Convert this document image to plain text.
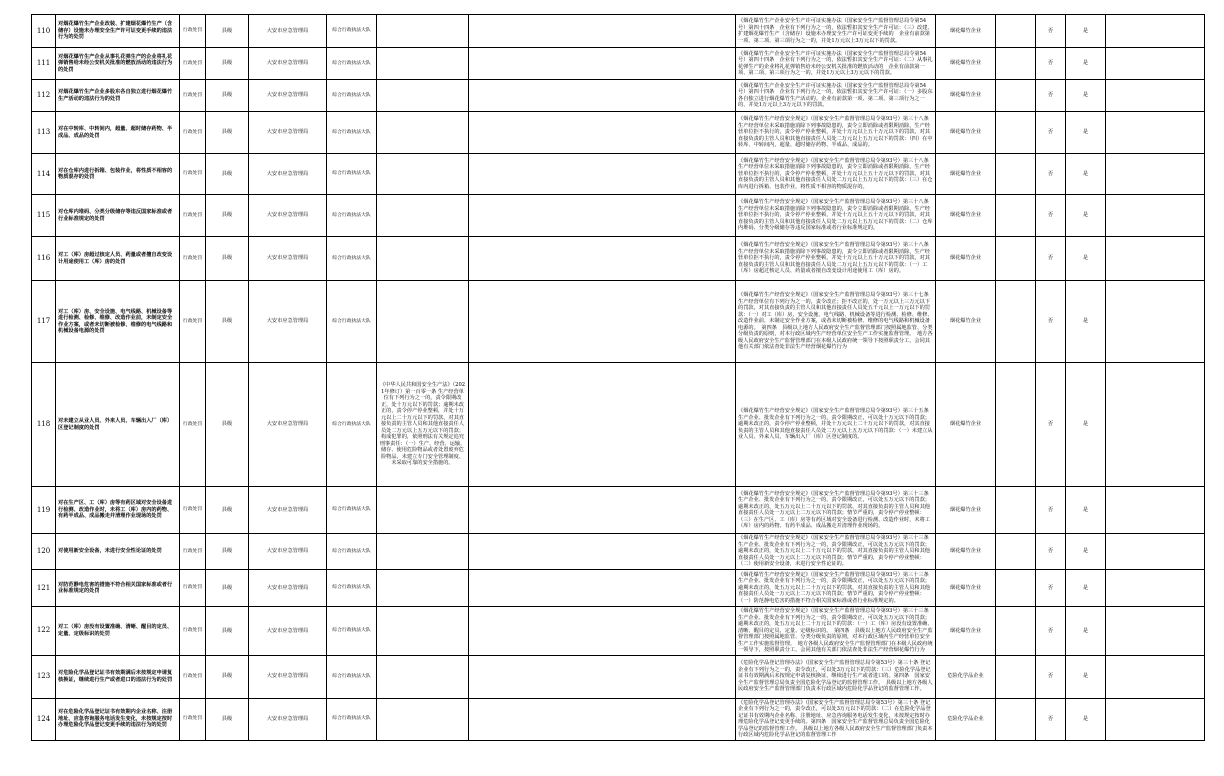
110	对烟花爆竹生产企业改装、扩建烟花爆竹生产（含储存）设施未办理安全生产许可证变更手续的违法行为的处罚	行政处罚	县级	大安市应急管理局	综合行政执法大队			《烟花爆竹生产企业安全生产许可证实施办法（国家安全生产监督管理总局令第54号）第四十四条　企业有下列行为之一的，依法暂扣其安全生产许可证：（三）改建、扩建烟花爆竹生产（含储存）设施未办理安全生产许可证变更手续的　企业有前款第一项、第二项、第三项行为之一的，并处1万元以上3万元以下的罚款。	烟花爆竹企业		否	是	
111	对烟花爆竹生产企业从事礼花弹生产的企业将礼花弹销售给未经公安机关批准的燃放活动的违法行为的处罚	行政处罚	县级	大安市应急管理局	综合行政执法大队			《烟花爆竹生产企业安全生产许可证实施办法（国家安全生产监督管理总局令第54号）第四十四条　企业有下列行为之一的，依法暂扣其安全生产许可证：（二）从事礼花弹生产的企业将礼花弹销售给未经公安机关批准的燃放活动的　企业有前款第一项、第二项、第三项行为之一的，并处1万元以上3万元以下的罚款。	烟花爆竹企业		否	是	
112	对烟花爆竹生产企业多股东各自独立进行烟花爆竹生产活动的违法行为的处罚	行政处罚	县级	大安市应急管理局	综合行政执法大队			《烟花爆竹生产企业安全生产许可证实施办法（国家安全生产监督管理总局令第54号）第四十四条　企业有下列行为之一的，依法暂扣其安全生产许可证：（一）多股东各自独立进行烟花爆竹生产活动的。企业有前款第一项、第二项、第三项行为之一的，并处1万元以上3万元以下的罚款。	烟花爆竹企业		否	是	
113	对在中转库、中转间内，超量、超时储存药物、半成品、成品的处罚	行政处罚	县级	大安市应急管理局	综合行政执法大队			《烟花爆竹生产经营安全规定》（国家安全生产监督管理总局令第93号）第三十八条 生产经营单位未采取措施消除下列事故隐患的，责令立即消除或者限期消除，生产经营单位拒不执行的，责令停产停业整顿，并处十万元以上五十万元以下的罚款，对其直接负责的主管人员和其他直接责任人员处二万元以上五万元以下的罚款：（四）在中转库、中转间内，超量、超时储存药物、半成品、成品的。	烟花爆竹企业		否	是	
114	对在仓库内进行拆箱、包装作业，将性质不相容的物质混存的处罚	行政处罚	县级	大安市应急管理局	综合行政执法大队			《烟花爆竹生产经营安全规定》（国家安全生产监督管理总局令第93号）第三十八条 生产经营单位未采取措施消除下列事故隐患的，责令立即消除或者限期消除，生产经营单位拒不执行的，责令停产停业整顿，并处十万元以上五十万元以下的罚款，对其直接负责的主管人员和其他直接责任人员处二万元以上五万元以下的罚款：（三）在仓库内进行拆箱、包装作业，将性质不相容的物质混存的。	烟花爆竹企业		否	是	
115	对仓库内堆码、分类分级储存等违反国家标准或者行业标准规定的处罚	行政处罚	县级	大安市应急管理局	综合行政执法大队			《烟花爆竹生产经营安全规定》（国家安全生产监督管理总局令第93号）第三十八条 生产经营单位未采取措施消除下列事故隐患的，责令立即消除或者限期消除，生产经营单位拒不执行的，责令停产停业整顿，并处十万元以上五十万元以下的罚款，对其直接负责的主管人员和其他直接责任人员处二万元以上五万元以下的罚款：（二）仓库内堆码、分类分级储存等违反国家标准或者行业标准规定的。	烟花爆竹企业		否	是	
116	对工（库）房超过核定人员、药量或者擅自改变设计用途使用工（库）房的处罚	行政处罚	县级	大安市应急管理局	综合行政执法大队			《烟花爆竹生产经营安全规定》（国家安全生产监督管理总局令第93号）第三十八条 生产经营单位未采取措施消除下列事故隐患的，责令立即消除或者限期消除，生产经营单位拒不执行的，责令停产停业整顿，并处十万元以上五十万元以下的罚款，对其直接负责的主管人员和其他直接责任人员处二万元以上五万元以下的罚款：（一）工（库）房超过核定人员、药量或者擅自改变设计用途使用工（库）房的。	烟花爆竹企业		否	是	
117	对工（库）房、安全设施、电气线路、机械设备等进行检测、检修、维修、改造作业前，未制定安全作业方案，或者未切断被检修、维修的电气线路和机械设备电源的处罚	行政处罚	县级	大安市应急管理局	综合行政执法大队			《烟花爆竹生产经营安全规定》（国家安全生产监督管理总局令第93号）第三十七条 生产经营单位有下列行为之一的，责令改正；拒不改正的，处一万元以上三万元以下的罚款，对其直接负责的主管人员和其他直接责任人员处五千元以上一万元以下的罚款：（一）对工（库）房、安全设施、电气线路、机械设备等进行检测、检修、维修、改造作业前，未制定安全作业方案，或者未切断被检修、维修的电气线路和机械设备电源的。　第四条　县级以上地方人民政府安全生产监督管理部门按照属地监管、分类分级负责的原则，对本行政区域内生产经营单位安全生产工作实施监督管理。　地方各级人民政府安全生产监督管理部门在本级人民政府统一领导下按照职责分工，会同其他有关部门依法查处非法生产经营烟花爆竹行为	烟花爆竹企业		否	是	
118	对未建立从业人员、外来人员、车辆出入厂（库）区登记制度的处罚	行政处罚	县级	大安市应急管理局	综合行政执法大队	《中华人民共和国安全生产法》（2021年修订）第一百零一条 生产经营单位有下列行为之一的，责令限期改正，处十万元以下的罚款；逾期未改正的，责令停产停业整顿，并处十万元以上二十万元以下的罚款，对其直接负责的主管人员和其他直接责任人员处二万元以上五万元以下的罚款；构成犯罪的，依照刑法有关规定追究刑事责任：（一）生产、经营、运输、储存、使用危险物品或者处置废弃危险物品，未建立专门安全管理制度、未采取可靠的安全措施的。		《烟花爆竹生产经营安全规定》（国家安全生产监督管理总局令第93号）第三十五条 生产企业、批发企业有下列行为之一的，责令限期改正，可以处十万元以下的罚款；逾期未改正的，责令停产停业整顿，并处十万元以上二十万元以下的罚款，对其直接负责的主管人员和其他直接责任人员处二万元以上五万元以下的罚款：（一）未建立从业人员、外来人员、车辆出入厂（库）区登记制度的。	烟花爆竹企业		否	是	
119	对在生产区、工（库）房等有药区域对安全设备进行检测、改造作业时，未将工（库）房内的药物、有药半成品、成品搬走并清理作业现场的处罚	行政处罚	县级	大安市应急管理局	综合行政执法大队			《烟花爆竹生产经营安全规定》（国家安全生产监督管理总局令第93号）第三十三条 生产企业、批发企业有下列行为之一的，责令限期改正，可以处五万元以下的罚款；逾期未改正的，处五万元以上二十万元以下的罚款，对其直接负责的主管人员和其他直接责任人员处一万元以上二万元以下的罚款；情节严重的，责令停产停业整顿：（三）在生产区、工（库）房等有药区域对安全设备进行检测、改造作业时，未将工（库）房内的药物、有药半成品、成品搬走并清理作业现场的。	烟花爆竹企业		否	是	
120	对使用新安全设备，未进行安全性论证的处罚	行政处罚	县级	大安市应急管理局	综合行政执法大队			《烟花爆竹生产经营安全规定》（国家安全生产监督管理总局令第93号）第三十三条 生产企业、批发企业有下列行为之一的，责令限期改正，可以处五万元以下的罚款；逾期未改正的，处五万元以上二十万元以下的罚款，对其直接负责的主管人员和其他直接责任人员处一万元以上二万元以下的罚款；情节严重的，责令停产停业整顿：（二）使用新安全设备，未进行安全性论证的。	烟花爆竹企业		否	是	
121	对防范静电危害的措施不符合相关国家标准或者行业标准规定的处罚	行政处罚	县级	大安市应急管理局	综合行政执法大队			《烟花爆竹生产经营安全规定》（国家安全生产监督管理总局令第93号）第三十三条 生产企业、批发企业有下列行为之一的，责令限期改正，可以处五万元以下的罚款；逾期未改正的，处五万元以上二十万元以下的罚款，对其直接负责的主管人员和其他直接责任人员处一万元以上二万元以下的罚款；情节严重的，责令停产停业整顿：（一）防范静电危害的措施不符合相关国家标准或者行业标准规定的。	烟花爆竹企业		否	是	
122	对工（库）房没有设置准确、清晰、醒目的定员、定量、定级标识的处罚	行政处罚	县级	大安市应急管理局	综合行政执法大队			《烟花爆竹生产经营安全规定》（国家安全生产监督管理总局令第93号）第三十三条 生产企业、批发企业有下列行为之一的，责令限期改正，可以处五万元以下的罚款；逾期未改正的，处五万元以上二十万元以下的罚款：（一）工（库）房没有设置准确、清晰、醒目的定员、定量、定级标识的。　第四条　县级以上地方人民政府安全生产监督管理部门按照属地监管、分类分级负责的原则，对本行政区域内生产经营单位安全生产工作实施监督管理。　地方各级人民政府安全生产监督管理部门在本级人民政府统一领导下，按照职责分工，会同其他有关部门依法查处非法生产经营烟花爆竹行为	烟花爆竹企业		否	是	
123	对危险化学品登记证书有效期满后未按规定申请复核换证，继续进行生产或者进口的违法行为的处罚	行政处罚	县级	大安市应急管理局	综合行政执法大队			《危险化学品登记管理办法》（国家安全生产监督管理总局令第53号）第三十条 登记企业有下列行为之一的，责令改正，可以处3万元以下的罚款：（三）危险化学品登记证书有效期满后未按规定申请复核换证，继续进行生产或者进口的。第四条　国家安全生产监督管理总局负责全国危险化学品登记的监督管理工作。　县级以上地方各级人民政府安全生产监督管理部门负责本行政区域内危险化学品登记的监督管理工作。	危险化学品企业		否	是	
124	对在危险化学品登记证书有效期内企业名称、注册地址、应急咨询服务电话发生变化，未按规定按时办理危险化学品登记变更手续的违法行为的处罚	行政处罚	县级	大安市应急管理局	综合行政执法大队			《危险化学品登记管理办法》（国家安全生产监督管理总局令第53号）第三十条 登记企业有下列行为之一的，责令改正，可以处3万元以下的罚款：（二）在危险化学品登记证书有效期内企业名称、注册地址、应急咨询服务电话发生变化，未按规定按时办理危险化学品登记变更手续的。第四条　国家安全生产监督管理总局负责全国危险化学品登记的监督管理工作。　县级以上地方各级人民政府安全生产监督管理部门负责本行政区域内危险化学品登记的监督管理工作	危险化学品企业		否	是	
